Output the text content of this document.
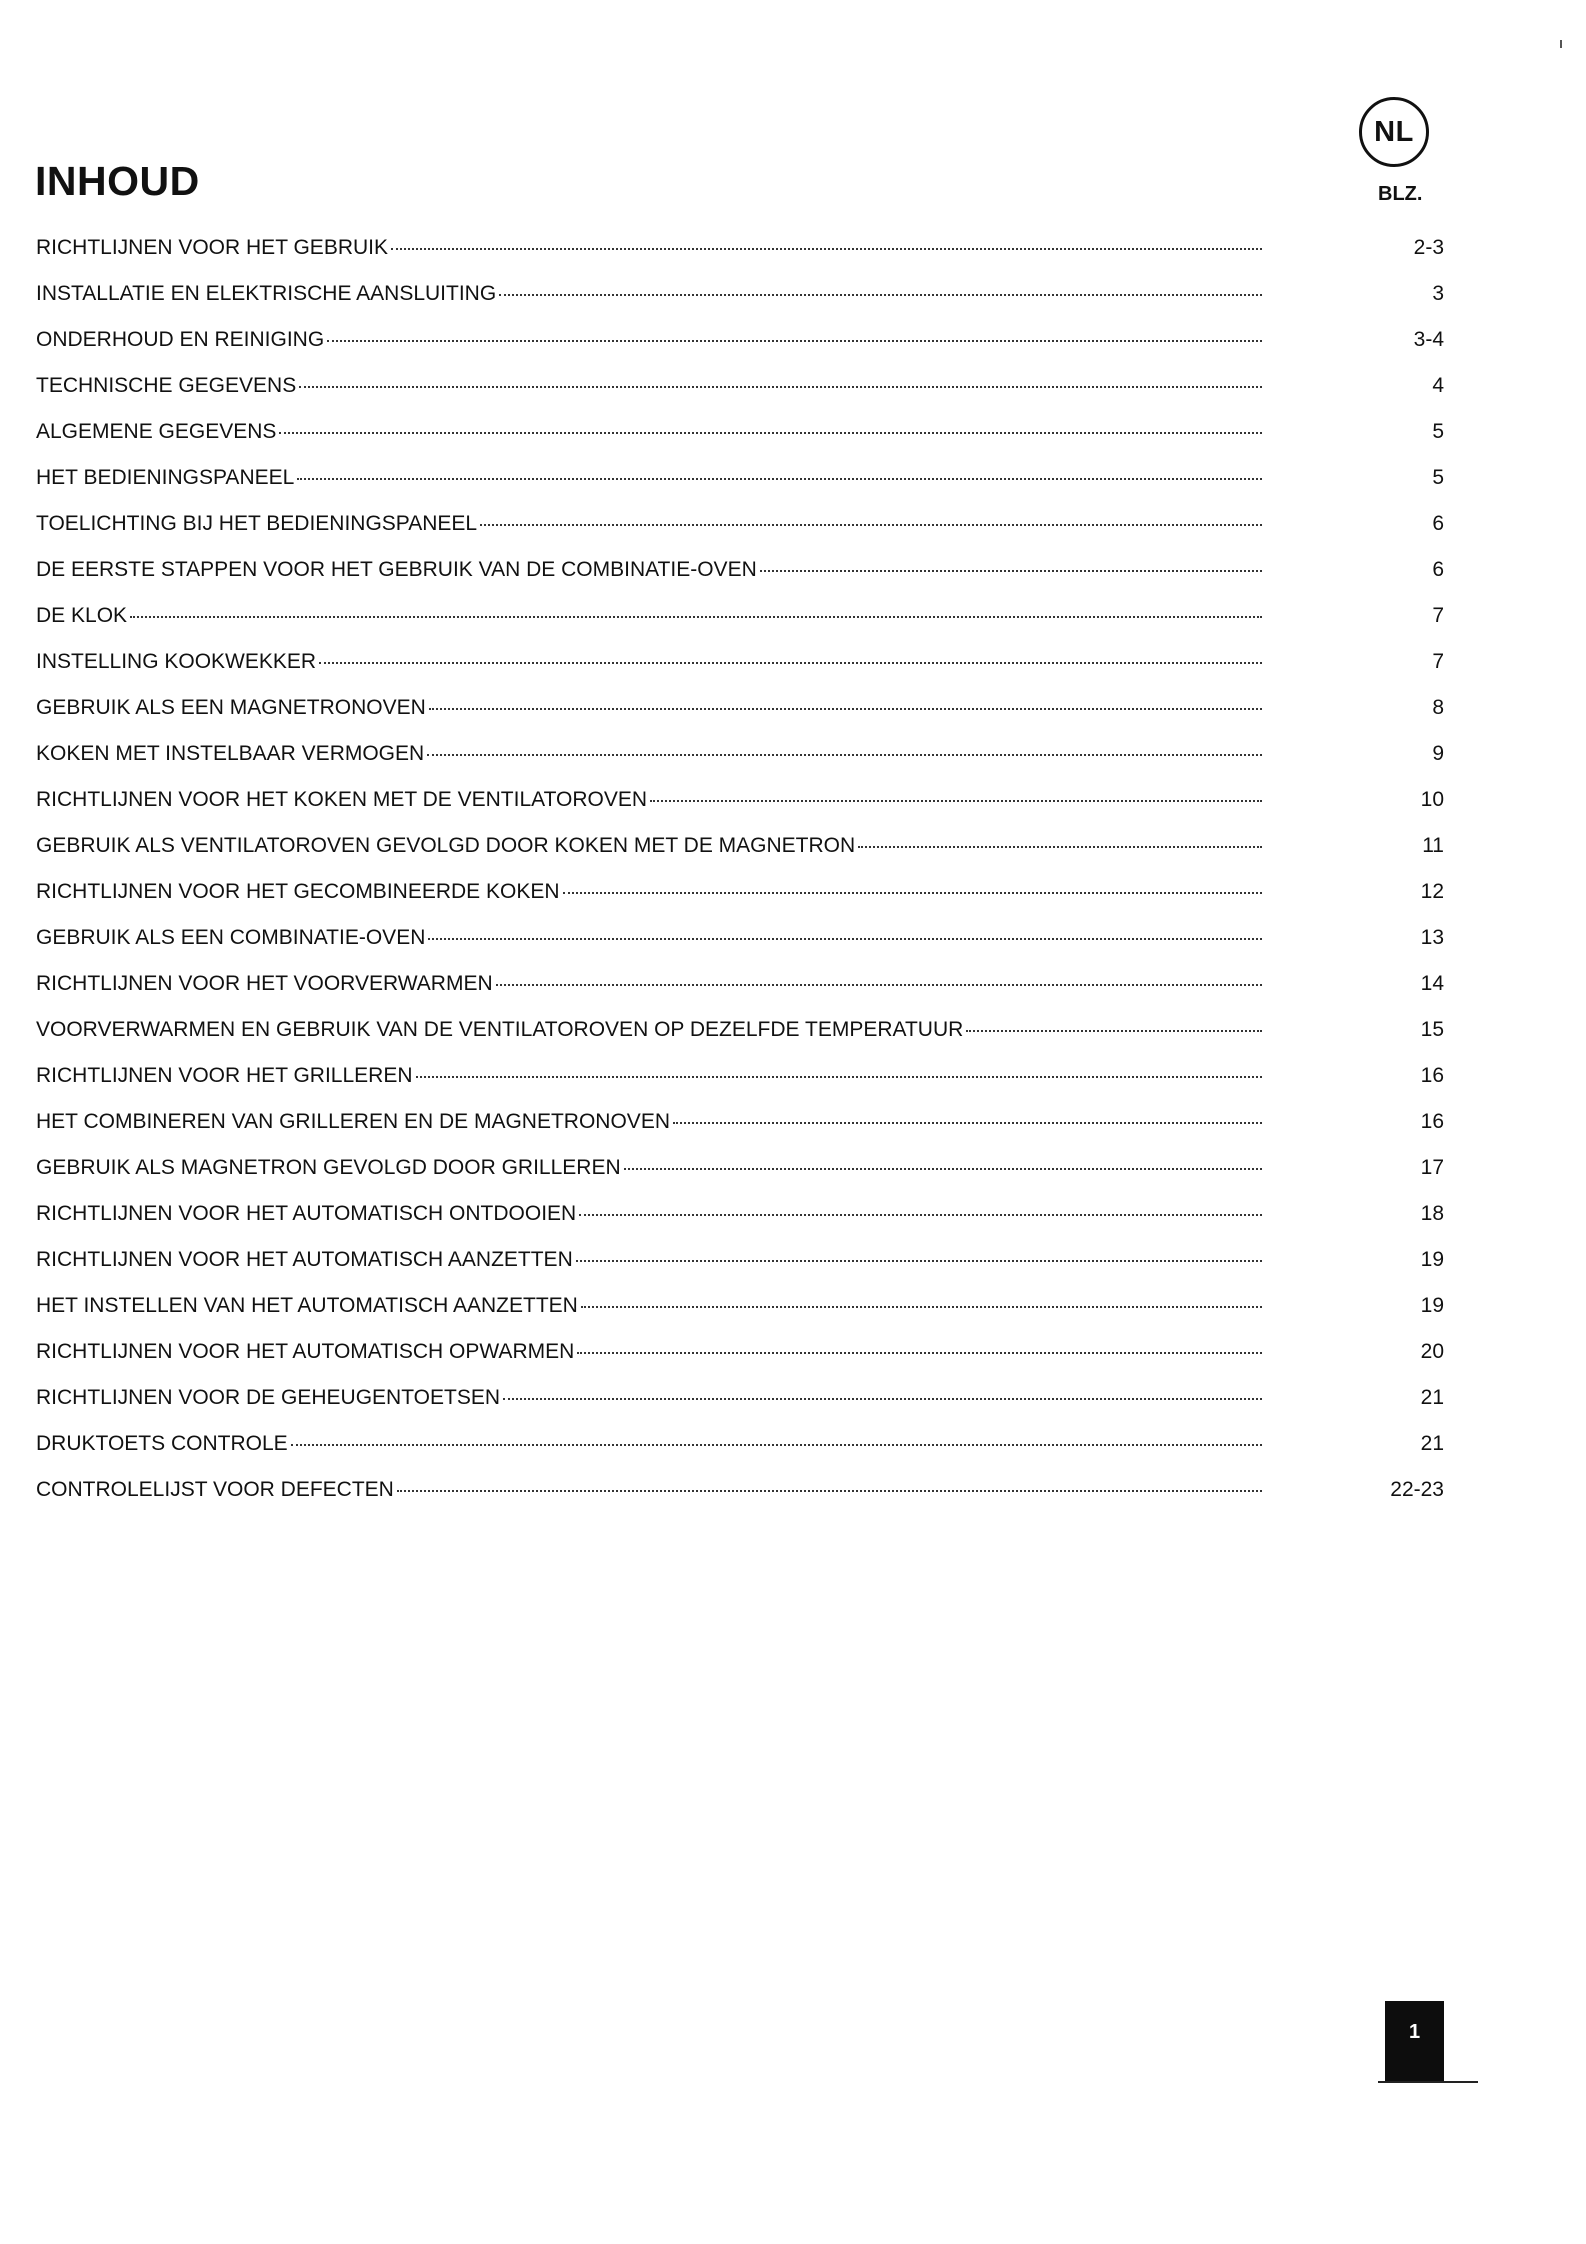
NL
INHOUD	BLZ.
RICHTLIJNEN VOOR HET GEBRUIK	2-3
INSTALLATIE EN ELEKTRISCHE AANSLUITING	3
ONDERHOUD EN REINIGING	3-4
TECHNISCHE GEGEVENS	4
ALGEMENE GEGEVENS	5
HET BEDIENINGSPANEEL	5
TOELICHTING BIJ HET BEDIENINGSPANEEL	6
DE EERSTE STAPPEN VOOR HET GEBRUIK VAN DE COMBINATIE-OVEN	6
DE KLOK	7
INSTELLING KOOKWEKKER	7
GEBRUIK ALS EEN MAGNETRONOVEN	8
KOKEN MET INSTELBAAR VERMOGEN	9
RICHTLIJNEN VOOR HET KOKEN MET DE VENTILATOROVEN	10
GEBRUIK ALS VENTILATOROVEN GEVOLGD DOOR KOKEN MET DE MAGNETRON	11
RICHTLIJNEN VOOR HET GECOMBINEERDE KOKEN	12
GEBRUIK ALS EEN COMBINATIE-OVEN	13
RICHTLIJNEN VOOR HET VOORVERWARMEN	14
VOORVERWARMEN EN GEBRUIK VAN DE VENTILATOROVEN OP DEZELFDE TEMPERATUUR	15
RICHTLIJNEN VOOR HET GRILLEREN	16
HET COMBINEREN VAN GRILLEREN EN DE MAGNETRONOVEN	16
GEBRUIK ALS MAGNETRON GEVOLGD DOOR GRILLEREN	17
RICHTLIJNEN VOOR HET AUTOMATISCH ONTDOOIEN	18
RICHTLIJNEN VOOR HET AUTOMATISCH AANZETTEN	19
HET INSTELLEN VAN HET AUTOMATISCH AANZETTEN	19
RICHTLIJNEN VOOR HET AUTOMATISCH OPWARMEN	20
RICHTLIJNEN VOOR DE GEHEUGENTOETSEN	21
DRUKTOETS CONTROLE	21
CONTROLELIJST VOOR DEFECTEN	22-23
1
